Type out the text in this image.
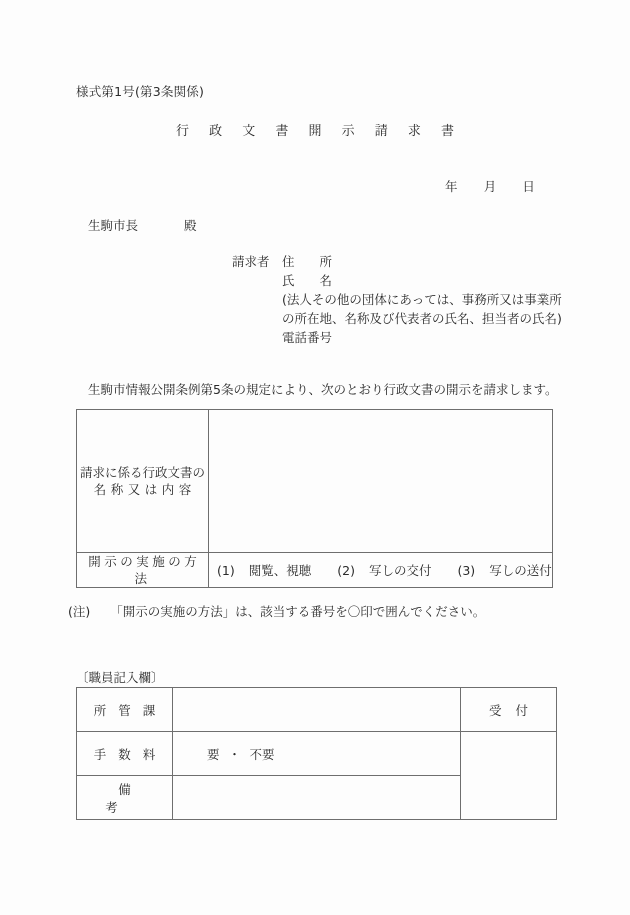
様式第1号(第3条関係)
行 政 文 書 開 示 請 求 書
年 月 日
生駒市長	殿
請求者 住　　所
氏　　名
(法人その他の団体にあっては、事務所又は事業所
の所在地、名称及び代表者の氏名、担当者の氏名)
電話番号
生駒市情報公開条例第5条の規定により、次のとおり行政文書の開示を請求します。
請求に係る行政文書の
名称又は内容	

開示の実施の方法	(1) 閲覧、視聴 (2) 写しの交付 (3) 写しの送付
(注) 「開示の実施の方法」は、該当する番号を〇印で囲んでください。
〔職員記入欄〕
所管課		受付
手数料	要 ・ 不要	
備考		
